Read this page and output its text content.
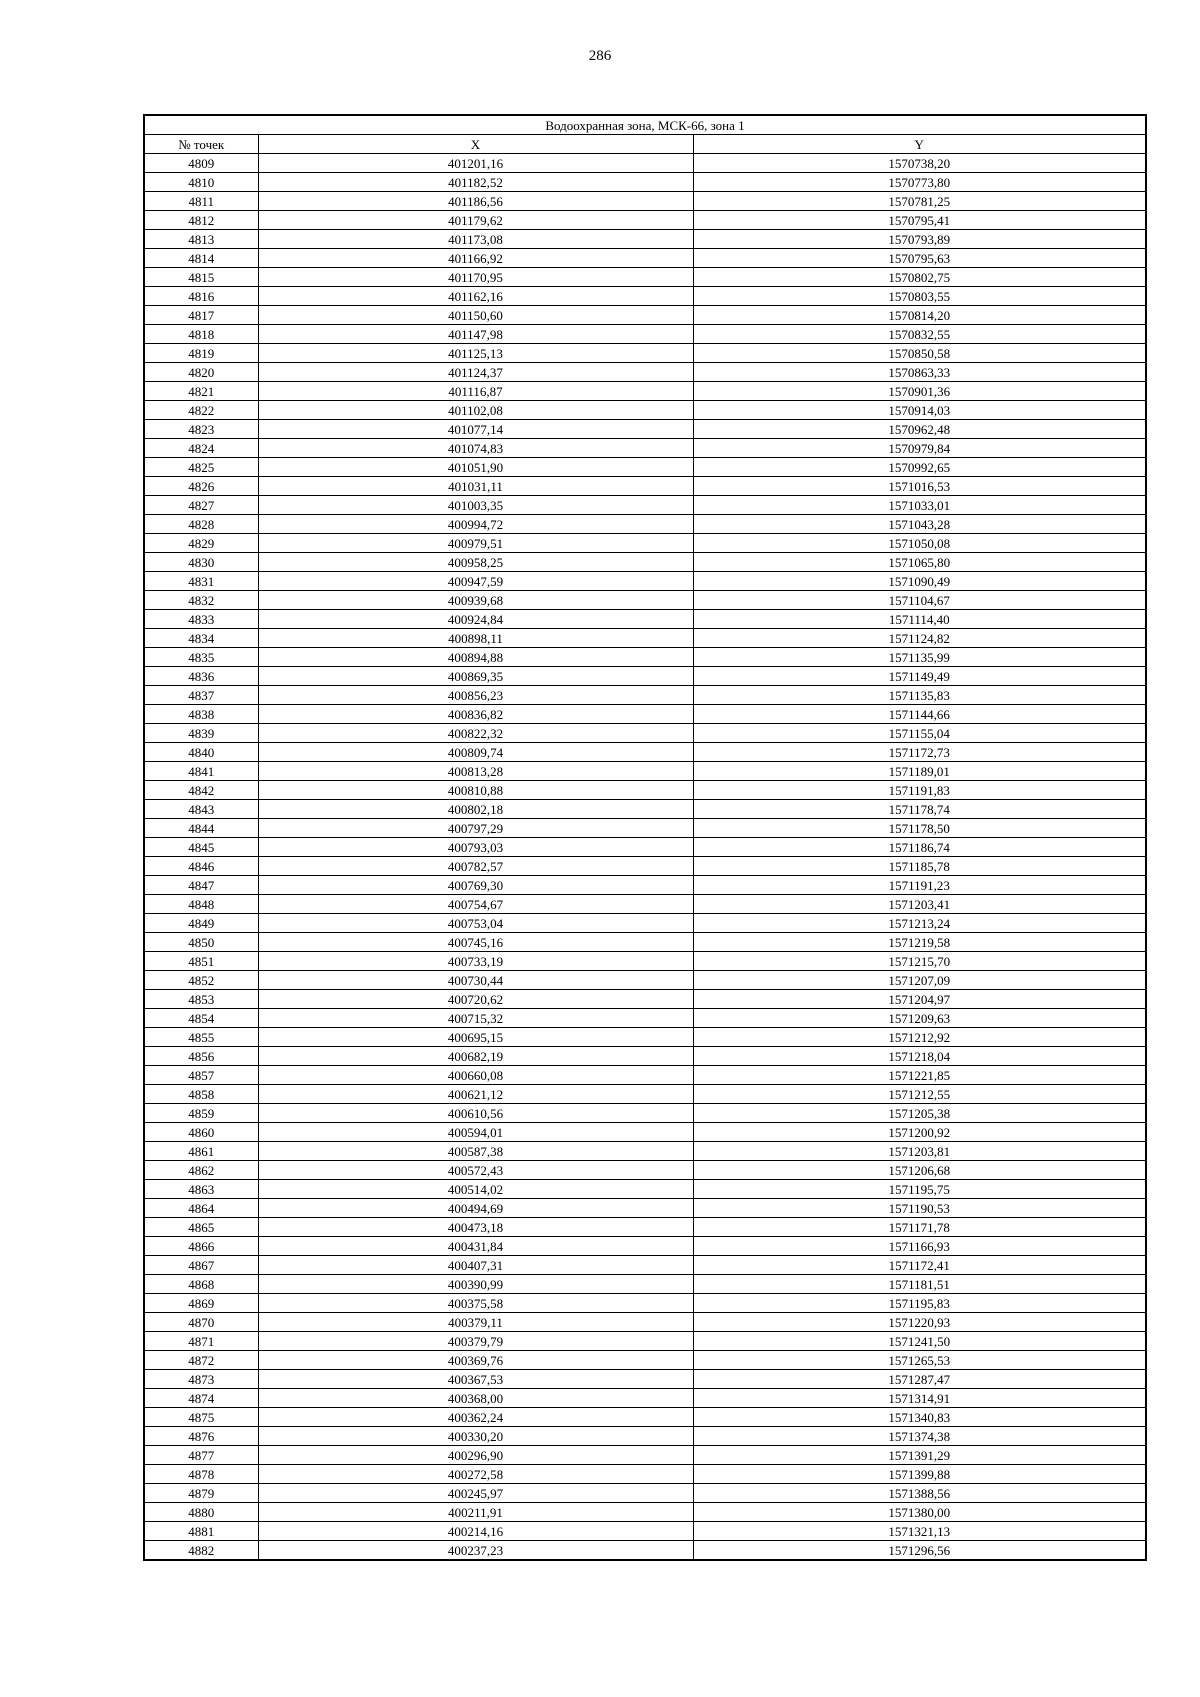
286
Водоохранная зона, МСК-66, зона 1		
№ точек	X	Y
4809	401201,16	1570738,20
4810	401182,52	1570773,80
4811	401186,56	1570781,25
4812	401179,62	1570795,41
4813	401173,08	1570793,89
4814	401166,92	1570795,63
4815	401170,95	1570802,75
4816	401162,16	1570803,55
4817	401150,60	1570814,20
4818	401147,98	1570832,55
4819	401125,13	1570850,58
4820	401124,37	1570863,33
4821	401116,87	1570901,36
4822	401102,08	1570914,03
4823	401077,14	1570962,48
4824	401074,83	1570979,84
4825	401051,90	1570992,65
4826	401031,11	1571016,53
4827	401003,35	1571033,01
4828	400994,72	1571043,28
4829	400979,51	1571050,08
4830	400958,25	1571065,80
4831	400947,59	1571090,49
4832	400939,68	1571104,67
4833	400924,84	1571114,40
4834	400898,11	1571124,82
4835	400894,88	1571135,99
4836	400869,35	1571149,49
4837	400856,23	1571135,83
4838	400836,82	1571144,66
4839	400822,32	1571155,04
4840	400809,74	1571172,73
4841	400813,28	1571189,01
4842	400810,88	1571191,83
4843	400802,18	1571178,74
4844	400797,29	1571178,50
4845	400793,03	1571186,74
4846	400782,57	1571185,78
4847	400769,30	1571191,23
4848	400754,67	1571203,41
4849	400753,04	1571213,24
4850	400745,16	1571219,58
4851	400733,19	1571215,70
4852	400730,44	1571207,09
4853	400720,62	1571204,97
4854	400715,32	1571209,63
4855	400695,15	1571212,92
4856	400682,19	1571218,04
4857	400660,08	1571221,85
4858	400621,12	1571212,55
4859	400610,56	1571205,38
4860	400594,01	1571200,92
4861	400587,38	1571203,81
4862	400572,43	1571206,68
4863	400514,02	1571195,75
4864	400494,69	1571190,53
4865	400473,18	1571171,78
4866	400431,84	1571166,93
4867	400407,31	1571172,41
4868	400390,99	1571181,51
4869	400375,58	1571195,83
4870	400379,11	1571220,93
4871	400379,79	1571241,50
4872	400369,76	1571265,53
4873	400367,53	1571287,47
4874	400368,00	1571314,91
4875	400362,24	1571340,83
4876	400330,20	1571374,38
4877	400296,90	1571391,29
4878	400272,58	1571399,88
4879	400245,97	1571388,56
4880	400211,91	1571380,00
4881	400214,16	1571321,13
4882	400237,23	1571296,56
